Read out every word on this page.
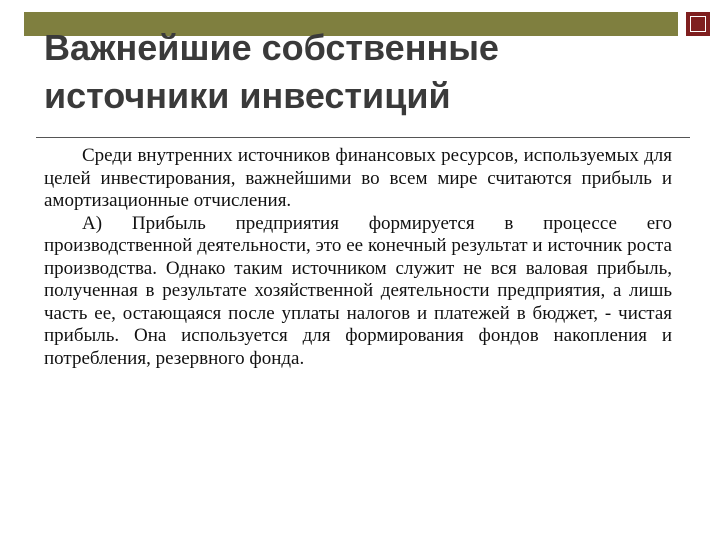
Важнейшие собственные
источники инвестиций

Среди внутренних источников финансовых ресурсов, используемых для целей инвестирования, важнейшими во всем мире считаются прибыль и амортизационные отчисления.

А) Прибыль предприятия формируется в процессе его производственной деятельности, это ее конечный результат и источник роста производства. Однако таким источником служит не вся валовая прибыль, полученная в результате хозяйственной деятельности предприятия, а лишь часть ее, остающаяся после уплаты налогов и платежей в бюджет, - чистая прибыль. Она используется для формирования фондов накопления и потребления, резервного фонда.
